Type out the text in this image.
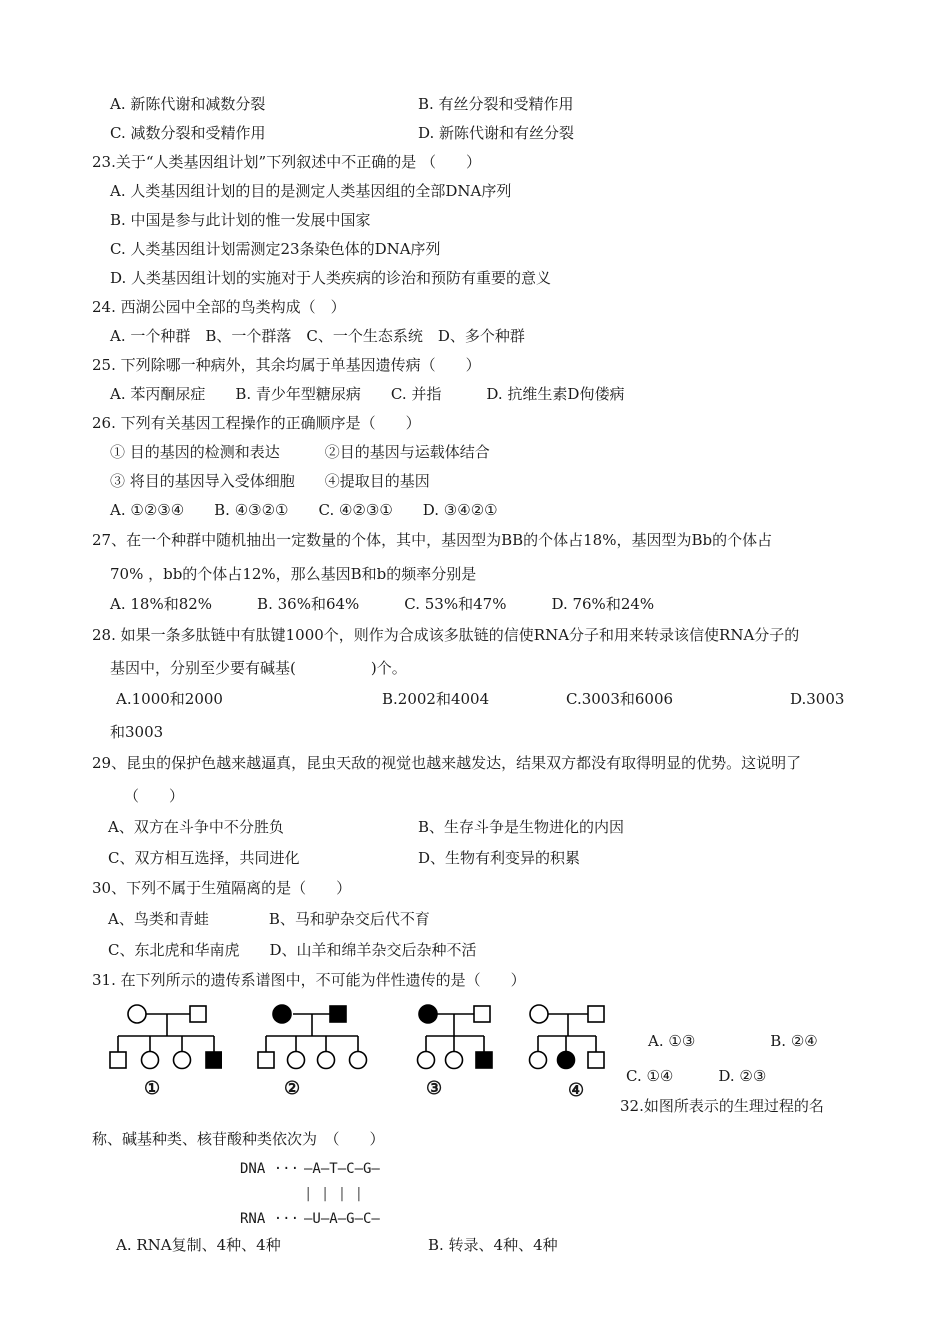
A. 新陈代谢和减数分裂	B. 有丝分裂和受精作用
C. 减数分裂和受精作用	D. 新陈代谢和有丝分裂
23.关于“人类基因组计划”下列叙述中不正确的是 （　　）
A. 人类基因组计划的目的是测定人类基因组的全部DNA序列
B. 中国是参与此计划的惟一发展中国家
C. 人类基因组计划需测定23条染色体的DNA序列
D. 人类基因组计划的实施对于人类疾病的诊治和预防有重要的意义
24. 西湖公园中全部的鸟类构成（　）
A. 一个种群　B、一个群落　C、一个生态系统　D、多个种群
25. 下列除哪一种病外，其余均属于单基因遗传病（　　）
A. 苯丙酮尿症　　B. 青少年型糖尿病　　C. 并指　　　D. 抗维生素D佝偻病
26. 下列有关基因工程操作的正确顺序是（　　）
① 目的基因的检测和表达　　　②目的基因与运载体结合
③ 将目的基因导入受体细胞　　④提取目的基因
A. ①②③④　　B. ④③②①　　C. ④②③①　　D. ③④②①
27、在一个种群中随机抽出一定数量的个体，其中，基因型为BB的个体占18%，基因型为Bb的个体占
70% ，bb的个体占12%，那么基因B和b的频率分别是
A. 18%和82%　　　B. 36%和64%　　　C. 53%和47%　　　D. 76%和24%
28. 如果一条多肽链中有肽键1000个，则作为合成该多肽链的信使RNA分子和用来转录该信使RNA分子的
基因中，分别至少要有碱基(　　　　　)个。
A.1000和2000	B.2002和4004	C.3003和6006	D.3003
和3003
29、昆虫的保护色越来越逼真，昆虫天敌的视觉也越来越发达，结果双方都没有取得明显的优势。这说明了
（　　）
A、双方在斗争中不分胜负	B、生存斗争是生物进化的内因
C、双方相互选择，共同进化	D、生物有利变异的积累
30、下列不属于生殖隔离的是（　　）
A、鸟类和青蛙　　　　B、马和驴杂交后代不育
C、东北虎和华南虎　　D、山羊和绵羊杂交后杂种不活
31. 在下列所示的遗传系谱图中，不可能为伴性遗传的是（　　）
①	②	③	④
A. ①③　　　　　B. ②④
C. ①④　　　D. ②③
32.如图所表示的生理过程的名
称、碱基种类、核苷酸种类依次为　（　　）
DNA ··· —A—T—C—G—
| | | |
RNA ··· —U—A—G—C—
A. RNA复制、4种、4种	B. 转录、4种、4种
